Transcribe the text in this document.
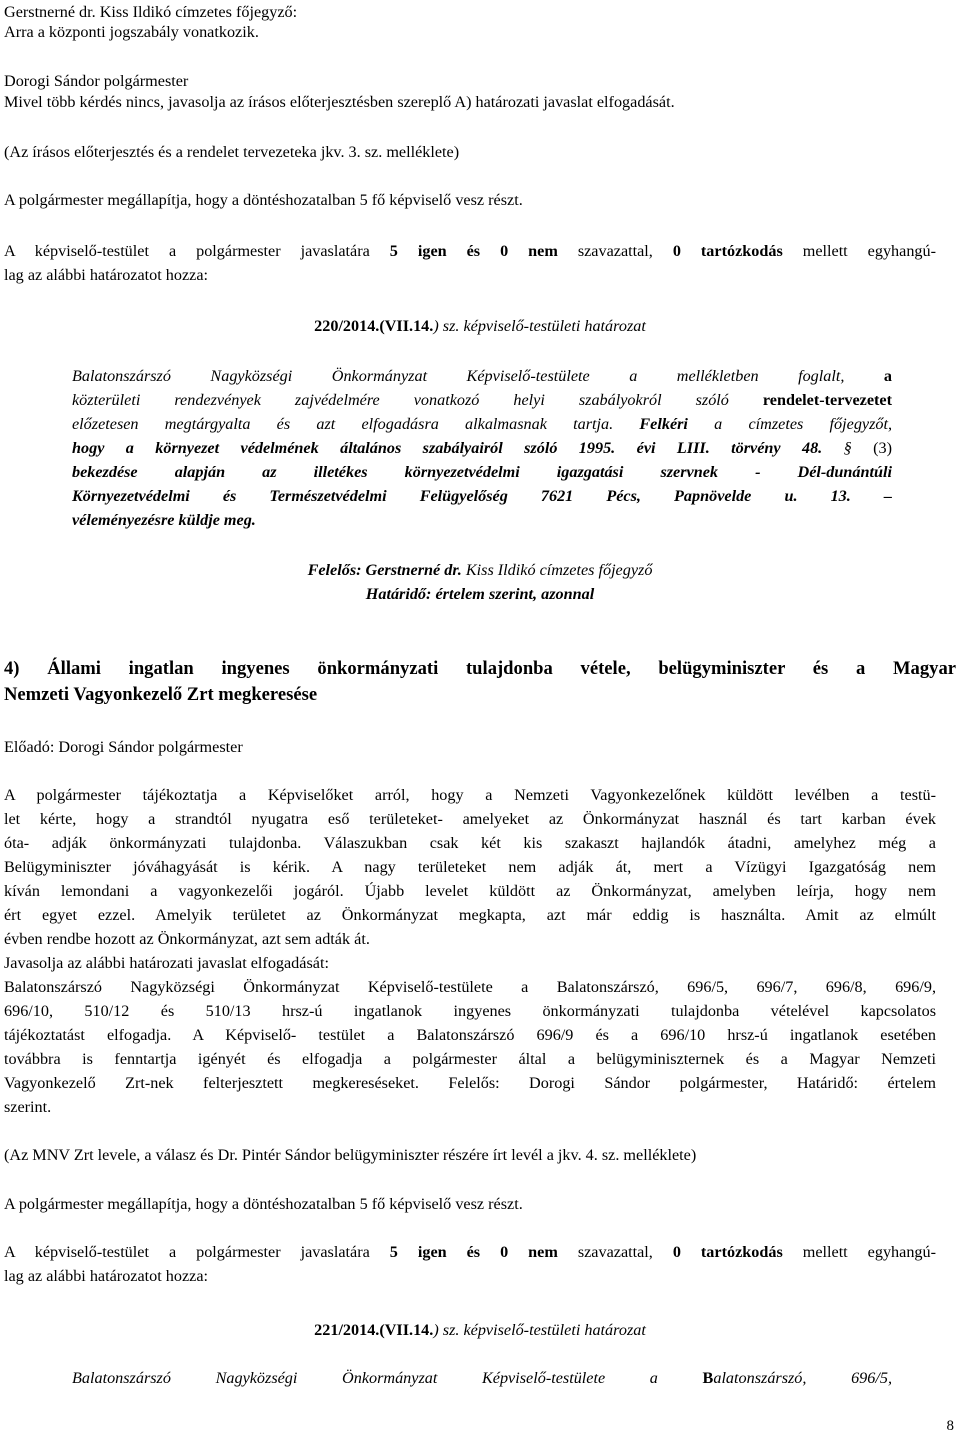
Gerstnerné dr. Kiss Ildikó címzetes főjegyző:
Arra a központi jogszabály vonatkozik.
Dorogi Sándor polgármester
Mivel több kérdés nincs, javasolja az írásos előterjesztésben szereplő A) határozati javaslat elfogadását.
(Az írásos előterjesztés és a rendelet tervezeteka jkv. 3. sz. melléklete)
A polgármester megállapítja, hogy a döntéshozatalban 5 fő képviselő vesz részt.
A képviselő-testület a polgármester javaslatára 5 igen és 0 nem szavazattal, 0 tartózkodás mellett egyhangú-
lag az alábbi határozatot hozza:
220/2014.(VII.14.) sz. képviselő-testületi határozat
Balatonszárszó Nagyközségi Önkormányzat Képviselő-testülete a mellékletben foglalt, a
közterületi rendezvények zajvédelmére vonatkozó helyi szabályokról szóló rendelet-tervezetet
előzetesen megtárgyalta és azt elfogadásra alkalmasnak tartja. Felkéri a címzetes főjegyzőt,
hogy a környezet védelmének általános szabályairól szóló 1995. évi LIII. törvény 48. § (3)
bekezdése alapján az illetékes környezetvédelmi igazgatási szervnek - Dél-dunántúli
Környezetvédelmi és Természetvédelmi Felügyelőség 7621 Pécs, Papnövelde u. 13. –
véleményezésre küldje meg.
Felelős: Gerstnerné dr. Kiss Ildikó címzetes főjegyző
Határidő: értelem szerint, azonnal
4) Állami ingatlan ingyenes önkormányzati tulajdonba vétele, belügyminiszter és a Magyar
Nemzeti Vagyonkezelő Zrt megkeresése
Előadó: Dorogi Sándor polgármester
A polgármester tájékoztatja a Képviselőket arról, hogy a Nemzeti Vagyonkezelőnek küldött levélben a testü-
let kérte, hogy a strandtól nyugatra eső területeket- amelyeket az Önkormányzat használ és tart karban évek
óta- adják önkormányzati tulajdonba. Válaszukban csak két kis szakaszt hajlandók átadni, amelyhez még a
Belügyminiszter jóváhagyását is kérik. A nagy területeket nem adják át, mert a Vízügyi Igazgatóság nem
kíván lemondani a vagyonkezelői jogáról. Újabb levelet küldött az Önkormányzat, amelyben leírja, hogy nem
ért egyet ezzel. Amelyik területet az Önkormányzat megkapta, azt már eddig is használta. Amit az elmúlt
évben rendbe hozott az Önkormányzat, azt sem adták át.
Javasolja az alábbi határozati javaslat elfogadását:
Balatonszárszó Nagyközségi Önkormányzat Képviselő-testülete a Balatonszárszó, 696/5, 696/7, 696/8, 696/9,
696/10, 510/12 és 510/13 hrsz-ú ingatlanok ingyenes önkormányzati tulajdonba vételével kapcsolatos
tájékoztatást elfogadja. A Képviselő- testület a Balatonszárszó 696/9 és a 696/10 hrsz-ú ingatlanok esetében
továbbra is fenntartja igényét és elfogadja a polgármester által a belügyminiszternek és a Magyar Nemzeti
Vagyonkezelő Zrt-nek felterjesztett megkereséseket. Felelős: Dorogi Sándor polgármester, Határidő: értelem
szerint.
(Az MNV Zrt levele, a válasz és Dr. Pintér Sándor belügyminiszter részére írt levél a jkv. 4. sz. melléklete)
A polgármester megállapítja, hogy a döntéshozatalban 5 fő képviselő vesz részt.
A képviselő-testület a polgármester javaslatára 5 igen és 0 nem szavazattal, 0 tartózkodás mellett egyhangú-
lag az alábbi határozatot hozza:
221/2014.(VII.14.) sz. képviselő-testületi határozat
Balatonszárszó Nagyközségi Önkormányzat Képviselő-testülete a	Balatonszárszó, 696/5,
8
